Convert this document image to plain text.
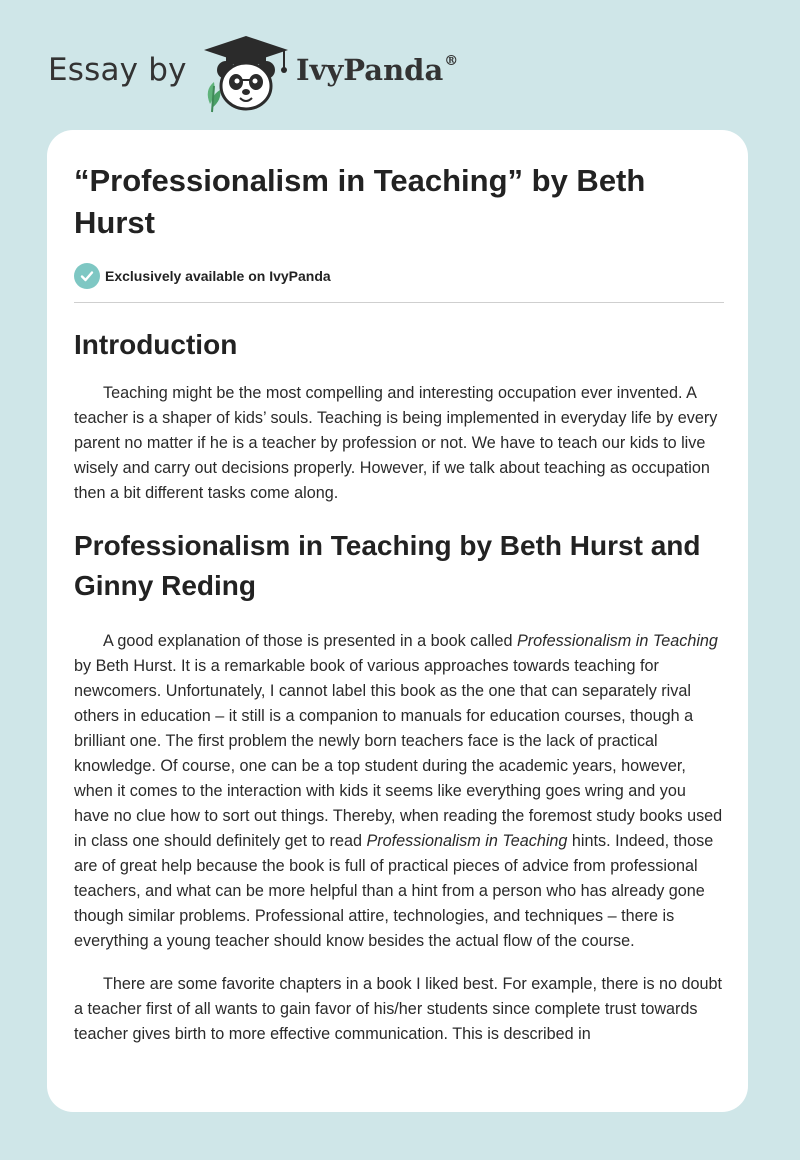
Essay by	IvyPanda®
“Professionalism in Teaching” by Beth Hurst
Exclusively available on IvyPanda
Introduction

Teaching might be the most compelling and interesting occupation ever invented. A teacher is a shaper of kids’ souls. Teaching is being implemented in everyday life by every parent no matter if he is a teacher by profession or not. We have to teach our kids to live wisely and carry out decisions properly. However, if we talk about teaching as occupation then a bit different tasks come along.

Professionalism in Teaching by Beth Hurst and Ginny Reding

A good explanation of those is presented in a book called Professionalism in Teaching by Beth Hurst. It is a remarkable book of various approaches towards teaching for newcomers. Unfortunately, I cannot label this book as the one that can separately rival others in education – it still is a companion to manuals for education courses, though a brilliant one. The first problem the newly born teachers face is the lack of practical knowledge. Of course, one can be a top student during the academic years, however, when it comes to the interaction with kids it seems like everything goes wring and you have no clue how to sort out things. Thereby, when reading the foremost study books used in class one should definitely get to read Professionalism in Teaching hints. Indeed, those are of great help because the book is full of practical pieces of advice from professional teachers, and what can be more helpful than a hint from a person who has already gone though similar problems. Professional attire, technologies, and techniques – there is everything a young teacher should know besides the actual flow of the course.

There are some favorite chapters in a book I liked best. For example, there is no doubt a teacher first of all wants to gain favor of his/her students since complete trust towards teacher gives birth to more effective communication. This is described in
